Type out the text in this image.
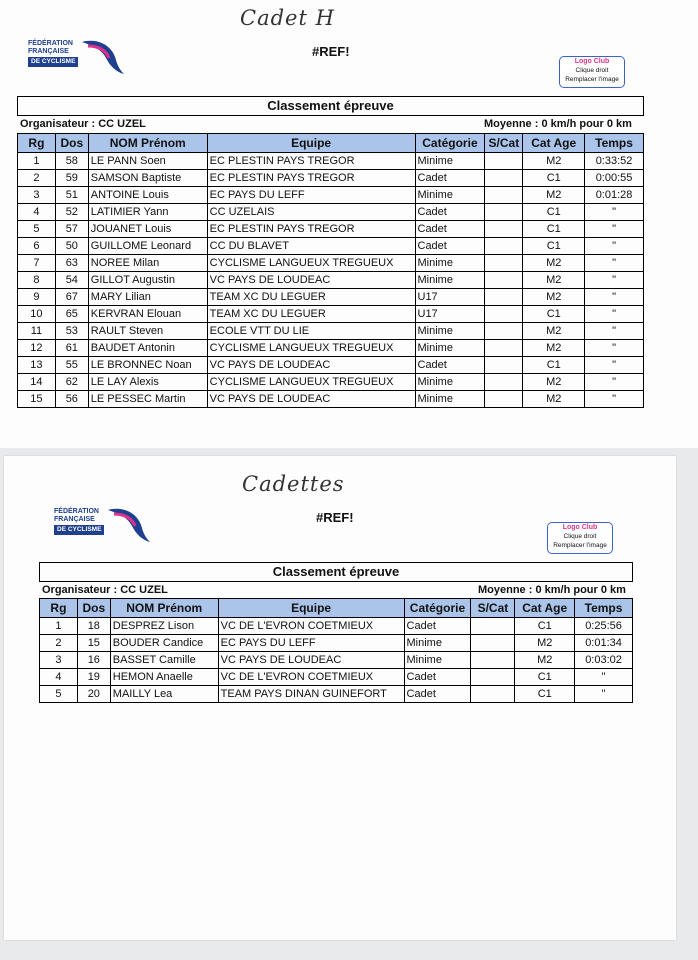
Cadet H
FÉDÉRATION
FRANÇAISE
DE CYCLISME
#REF!
Logo Club
Clique droit
Remplacer l'image
Classement épreuve
Organisateur : CC UZEL	Moyenne : 0 km/h pour 0 km
Rg	Dos	NOM Prénom	Equipe	Catégorie	S/Cat	Cat Age	Temps
1	58	LE PANN Soen	EC PLESTIN PAYS TREGOR	Minime		M2	0:33:52
2	59	SAMSON Baptiste	EC PLESTIN PAYS TREGOR	Cadet		C1	0:00:55
3	51	ANTOINE Louis	EC PAYS DU LEFF	Minime		M2	0:01:28
4	52	LATIMIER Yann	CC UZELAIS	Cadet		C1	"
5	57	JOUANET Louis	EC PLESTIN PAYS TREGOR	Cadet		C1	"
6	50	GUILLOME Leonard	CC DU BLAVET	Cadet		C1	"
7	63	NOREE Milan	CYCLISME LANGUEUX TREGUEUX	Minime		M2	"
8	54	GILLOT Augustin	VC PAYS DE LOUDEAC	Minime		M2	"
9	67	MARY Lilian	TEAM XC DU LEGUER	U17		M2	"
10	65	KERVRAN Elouan	TEAM XC DU LEGUER	U17		C1	"
11	53	RAULT Steven	ECOLE VTT DU LIE	Minime		M2	"
12	61	BAUDET Antonin	CYCLISME LANGUEUX TREGUEUX	Minime		M2	"
13	55	LE BRONNEC Noan	VC PAYS DE LOUDEAC	Cadet		C1	"
14	62	LE LAY Alexis	CYCLISME LANGUEUX TREGUEUX	Minime		M2	"
15	56	LE PESSEC Martin	VC PAYS DE LOUDEAC	Minime		M2	"
Cadettes
FÉDÉRATION
FRANÇAISE
DE CYCLISME
#REF!
Logo Club
Clique droit
Remplacer l'image
Classement épreuve
Organisateur : CC UZEL	Moyenne : 0 km/h pour 0 km
Rg	Dos	NOM Prénom	Equipe	Catégorie	S/Cat	Cat Age	Temps
1	18	DESPREZ Lison	VC DE L'EVRON COETMIEUX	Cadet		C1	0:25:56
2	15	BOUDER Candice	EC PAYS DU LEFF	Minime		M2	0:01:34
3	16	BASSET Camille	VC PAYS DE LOUDEAC	Minime		M2	0:03:02
4	19	HEMON Anaelle	VC DE L'EVRON COETMIEUX	Cadet		C1	"
5	20	MAILLY Lea	TEAM PAYS DINAN GUINEFORT	Cadet		C1	"
